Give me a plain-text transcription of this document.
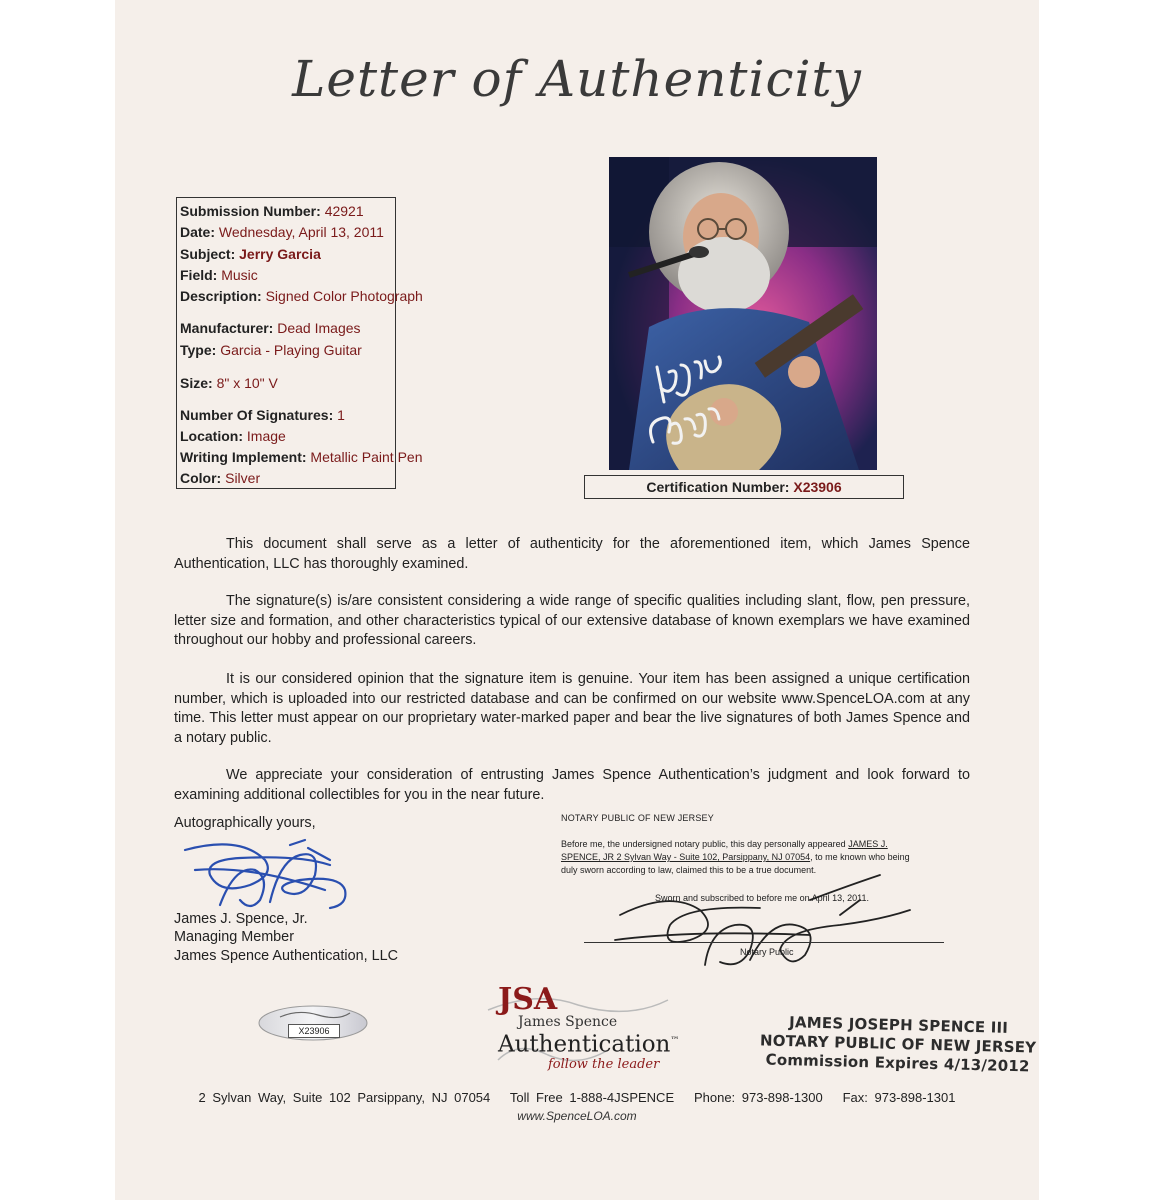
Letter of Authenticity
Submission Number: 42921
Date: Wednesday, April 13, 2011
Subject: Jerry Garcia
Field: Music
Description: Signed Color Photograph
Manufacturer: Dead Images
Type: Garcia - Playing Guitar
Size: 8" x 10" V
Number Of Signatures: 1
Location: Image
Writing Implement: Metallic Paint Pen
Color: Silver
Certification Number: X23906
This document shall serve as a letter of authenticity for the aforementioned item, which James Spence Authentication, LLC has thoroughly examined.
The signature(s) is/are consistent considering a wide range of specific qualities including slant, flow, pen pressure, letter size and formation, and other characteristics typical of our extensive database of known exemplars we have examined throughout our hobby and professional careers.
It is our considered opinion that the signature item is genuine. Your item has been assigned a unique certification number, which is uploaded into our restricted database and can be confirmed on our website www.SpenceLOA.com at any time. This letter must appear on our proprietary water-marked paper and bear the live signatures of both James Spence and a notary public.
We appreciate your consideration of entrusting James Spence Authentication’s judgment and look forward to examining additional collectibles for you in the near future.
Autographically yours,
James J. Spence, Jr.
Managing Member
James Spence Authentication, LLC
NOTARY PUBLIC OF NEW JERSEY
Before me, the undersigned notary public, this day personally appeared JAMES J. SPENCE, JR 2 Sylvan Way - Suite 102, Parsippany, NJ 07054, to me known who being duly sworn according to law, claimed this to be a true document.
Sworn and subscribed to before me on April 13, 2011.
Notary Public
X23906
JSA
James Spence
Authentication™
follow the leader
JAMES JOSEPH SPENCE III
NOTARY PUBLIC OF NEW JERSEY
Commission Expires 4/13/2012
2 Sylvan Way, Suite 102 Parsippany, NJ 07054 Toll Free 1-888-4JSPENCE Phone: 973-898-1300 Fax: 973-898-1301
www.SpenceLOA.com
